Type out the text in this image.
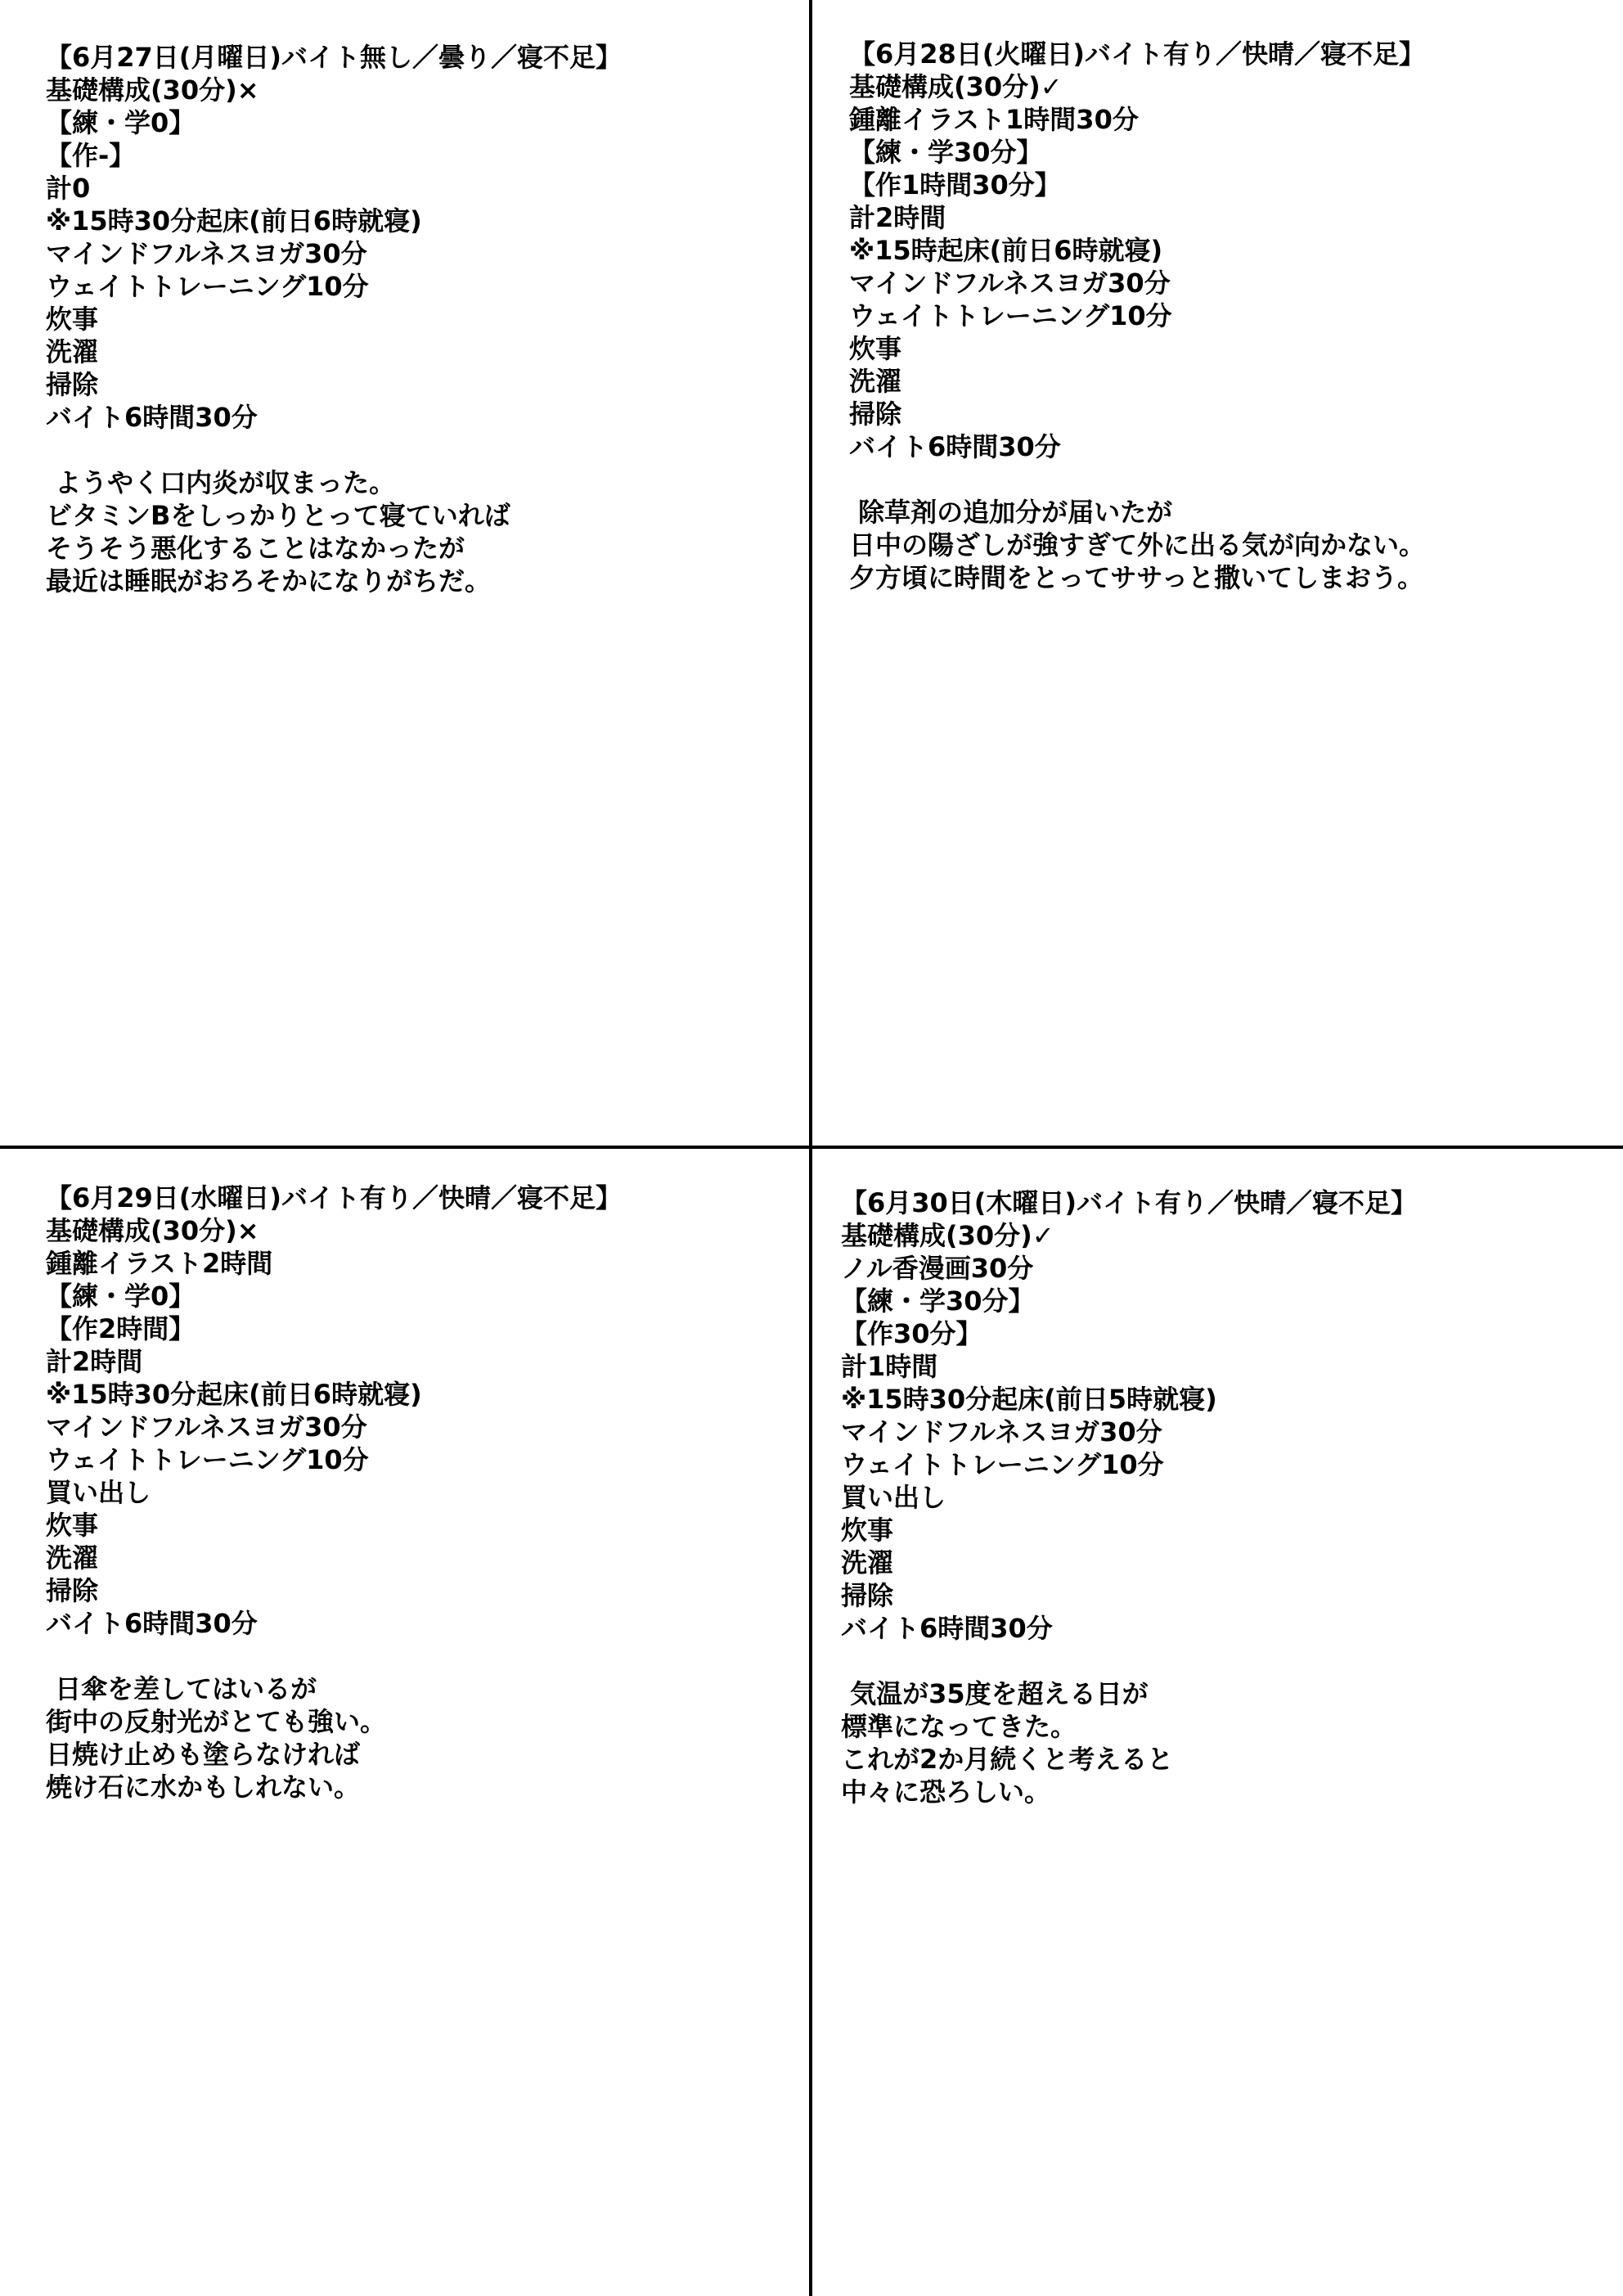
【6月27日(月曜日)バイト無し／曇り／寝不足】
基礎構成(30分)×
【練・学0】
【作-】
計0
※15時30分起床(前日6時就寝)
マインドフルネスヨガ30分
ウェイトトレーニング10分
炊事
洗濯
掃除
バイト6時間30分
ようやく口内炎が収まった。
ビタミンBをしっかりとって寝ていれば
そうそう悪化することはなかったが
最近は睡眠がおろそかになりがちだ。
【6月28日(火曜日)バイト有り／快晴／寝不足】
基礎構成(30分)✓
鍾離イラスト1時間30分
【練・学30分】
【作1時間30分】
計2時間
※15時起床(前日6時就寝)
マインドフルネスヨガ30分
ウェイトトレーニング10分
炊事
洗濯
掃除
バイト6時間30分
除草剤の追加分が届いたが
日中の陽ざしが強すぎて外に出る気が向かない。
夕方頃に時間をとってササっと撒いてしまおう。
【6月29日(水曜日)バイト有り／快晴／寝不足】
基礎構成(30分)×
鍾離イラスト2時間
【練・学0】
【作2時間】
計2時間
※15時30分起床(前日6時就寝)
マインドフルネスヨガ30分
ウェイトトレーニング10分
買い出し
炊事
洗濯
掃除
バイト6時間30分
日傘を差してはいるが
街中の反射光がとても強い。
日焼け止めも塗らなければ
焼け石に水かもしれない。
【6月30日(木曜日)バイト有り／快晴／寝不足】
基礎構成(30分)✓
ノル香漫画30分
【練・学30分】
【作30分】
計1時間
※15時30分起床(前日5時就寝)
マインドフルネスヨガ30分
ウェイトトレーニング10分
買い出し
炊事
洗濯
掃除
バイト6時間30分
気温が35度を超える日が
標準になってきた。
これが2か月続くと考えると
中々に恐ろしい。
